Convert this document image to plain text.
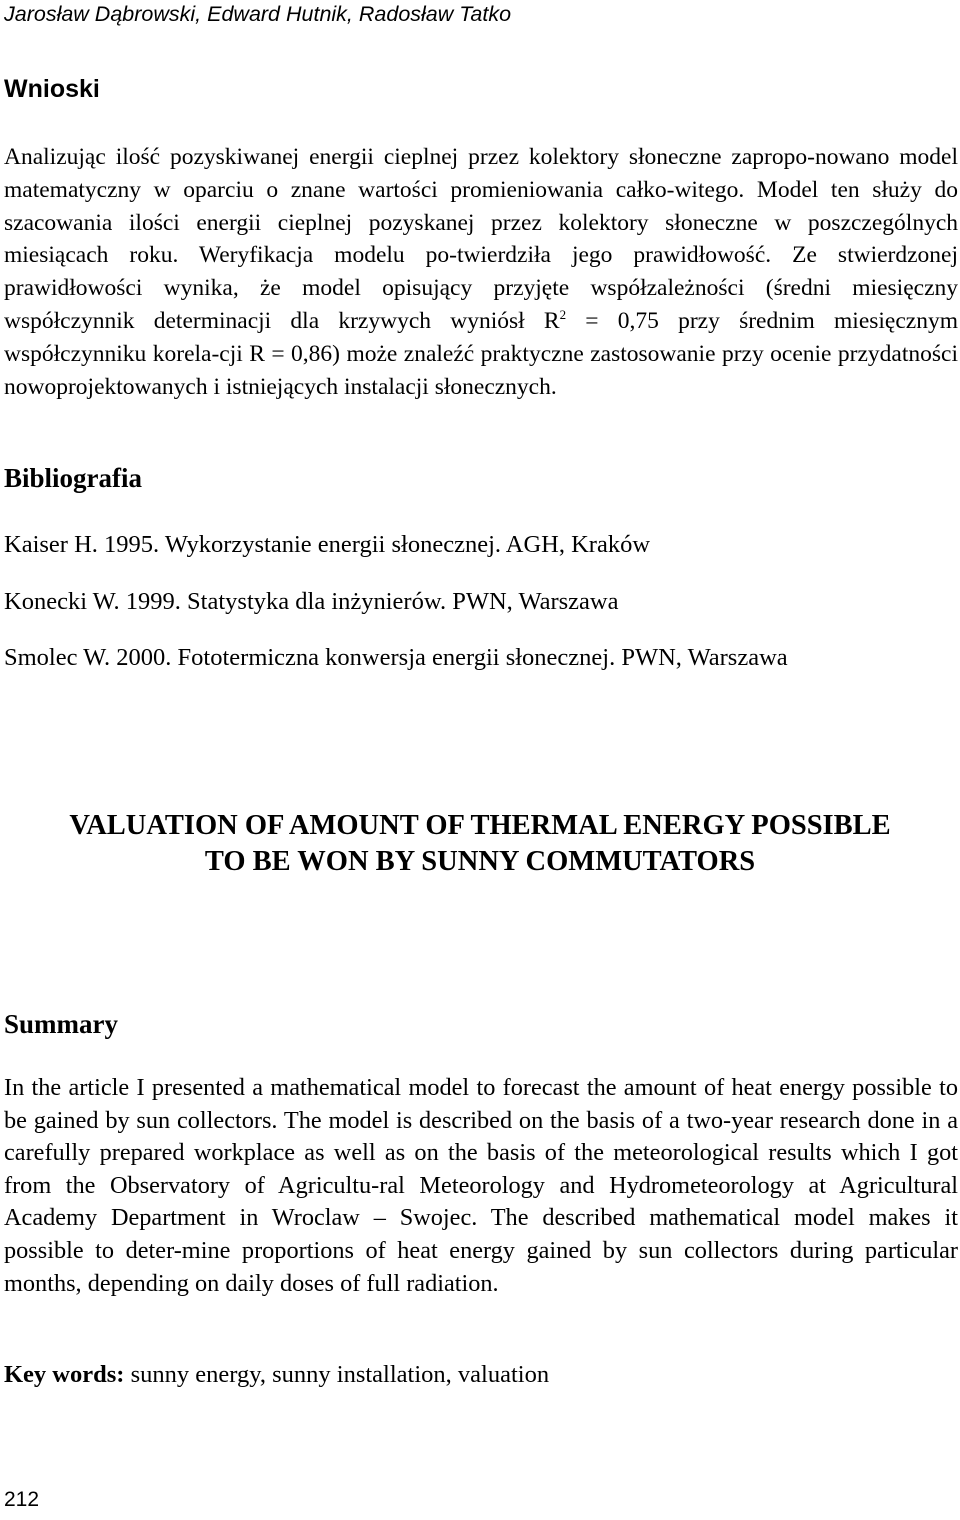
Jarosław Dąbrowski, Edward Hutnik, Radosław Tatko
Wnioski
Analizując ilość pozyskiwanej energii cieplnej przez kolektory słoneczne zapropo-nowano model matematyczny w oparciu o znane wartości promieniowania całko-witego. Model ten służy do szacowania ilości energii cieplnej pozyskanej przez kolektory słoneczne w poszczególnych miesiącach roku. Weryfikacja modelu po-twierdziła jego prawidłowość. Ze stwierdzonej prawidłowości wynika, że model opisujący przyjęte współzależności (średni miesięczny współczynnik determinacji dla krzywych wyniósł $R^2 = 0,75$ przy średnim miesięcznym współczynniku korela-cji R = 0,86) może znaleźć praktyczne zastosowanie przy ocenie przydatności nowoprojektowanych i istniejących instalacji słonecznych.
Bibliografia
Kaiser H. 1995. Wykorzystanie energii słonecznej. AGH, Kraków
Konecki W. 1999. Statystyka dla inżynierów. PWN, Warszawa
Smolec W. 2000. Fototermiczna konwersja energii słonecznej. PWN, Warszawa
VALUATION OF AMOUNT OF THERMAL ENERGY POSSIBLE
TO BE WON BY SUNNY COMMUTATORS
Summary
In the article I presented a mathematical model to forecast the amount of heat energy possible to be gained by sun collectors. The model is described on the basis of a two-year research done in a carefully prepared workplace as well as on the basis of the meteorological results which I got from the Observatory of Agricultu-ral Meteorology and Hydrometeorology at Agricultural Academy Department in Wroclaw – Swojec. The described mathematical model makes it possible to deter-mine proportions of heat energy gained by sun collectors during particular months, depending on daily doses of full radiation.
Key words: sunny energy, sunny installation, valuation
212
